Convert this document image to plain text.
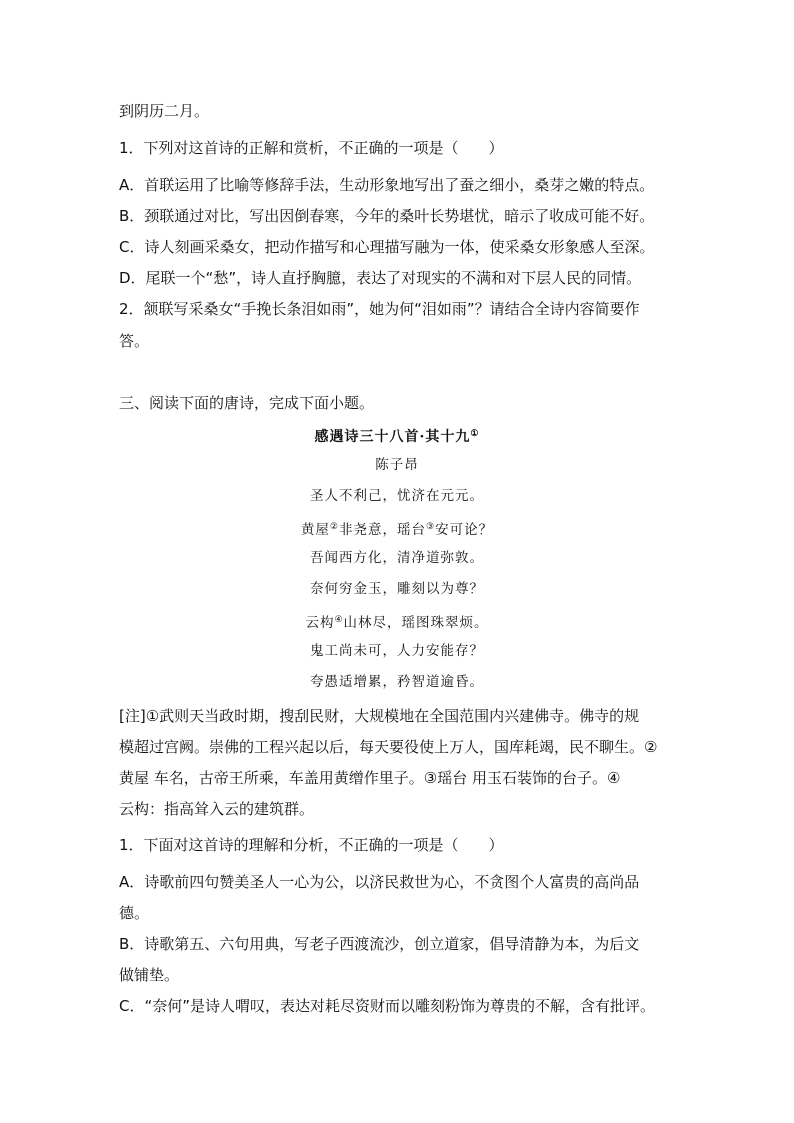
到阴历二月。
1．下列对这首诗的正解和赏析，不正确的一项是（　　）
A．首联运用了比喻等修辞手法，生动形象地写出了蚕之细小，桑芽之嫩的特点。
B．颈联通过对比，写出因倒春寒，今年的桑叶长势堪忧，暗示了收成可能不好。
C．诗人刻画采桑女，把动作描写和心理描写融为一体，使采桑女形象感人至深。
D．尾联一个“愁”，诗人直抒胸臆，表达了对现实的不满和对下层人民的同情。
2．颔联写采桑女“手挽长条泪如雨”，她为何“泪如雨”？请结合全诗内容简要作
答。
三、阅读下面的唐诗，完成下面小题。
感遇诗三十八首·其十九①
陈子昂
圣人不利己，忧济在元元。
黄屋②非尧意，瑶台③安可论？
吾闻西方化，清净道弥敦。
奈何穷金玉，雕刻以为尊？
云构④山林尽，瑶图珠翠烦。
鬼工尚未可，人力安能存？
夸愚适增累，矜智道逾昏。
[注]①武则天当政时期，搜刮民财，大规模地在全国范围内兴建佛寺。佛寺的规
模超过宫阙。崇佛的工程兴起以后，每天要役使上万人，国库耗竭，民不聊生。②
黄屋 车名，古帝王所乘，车盖用黄缯作里子。③瑶台 用玉石装饰的台子。④
云构：指高耸入云的建筑群。
1．下面对这首诗的理解和分析，不正确的一项是（　　）
A．诗歌前四句赞美圣人一心为公，以济民救世为心，不贪图个人富贵的高尚品
德。
B．诗歌第五、六句用典，写老子西渡流沙，创立道家，倡导清静为本，为后文
做铺垫。
C．“奈何”是诗人喟叹，表达对耗尽资财而以雕刻粉饰为尊贵的不解，含有批评。
